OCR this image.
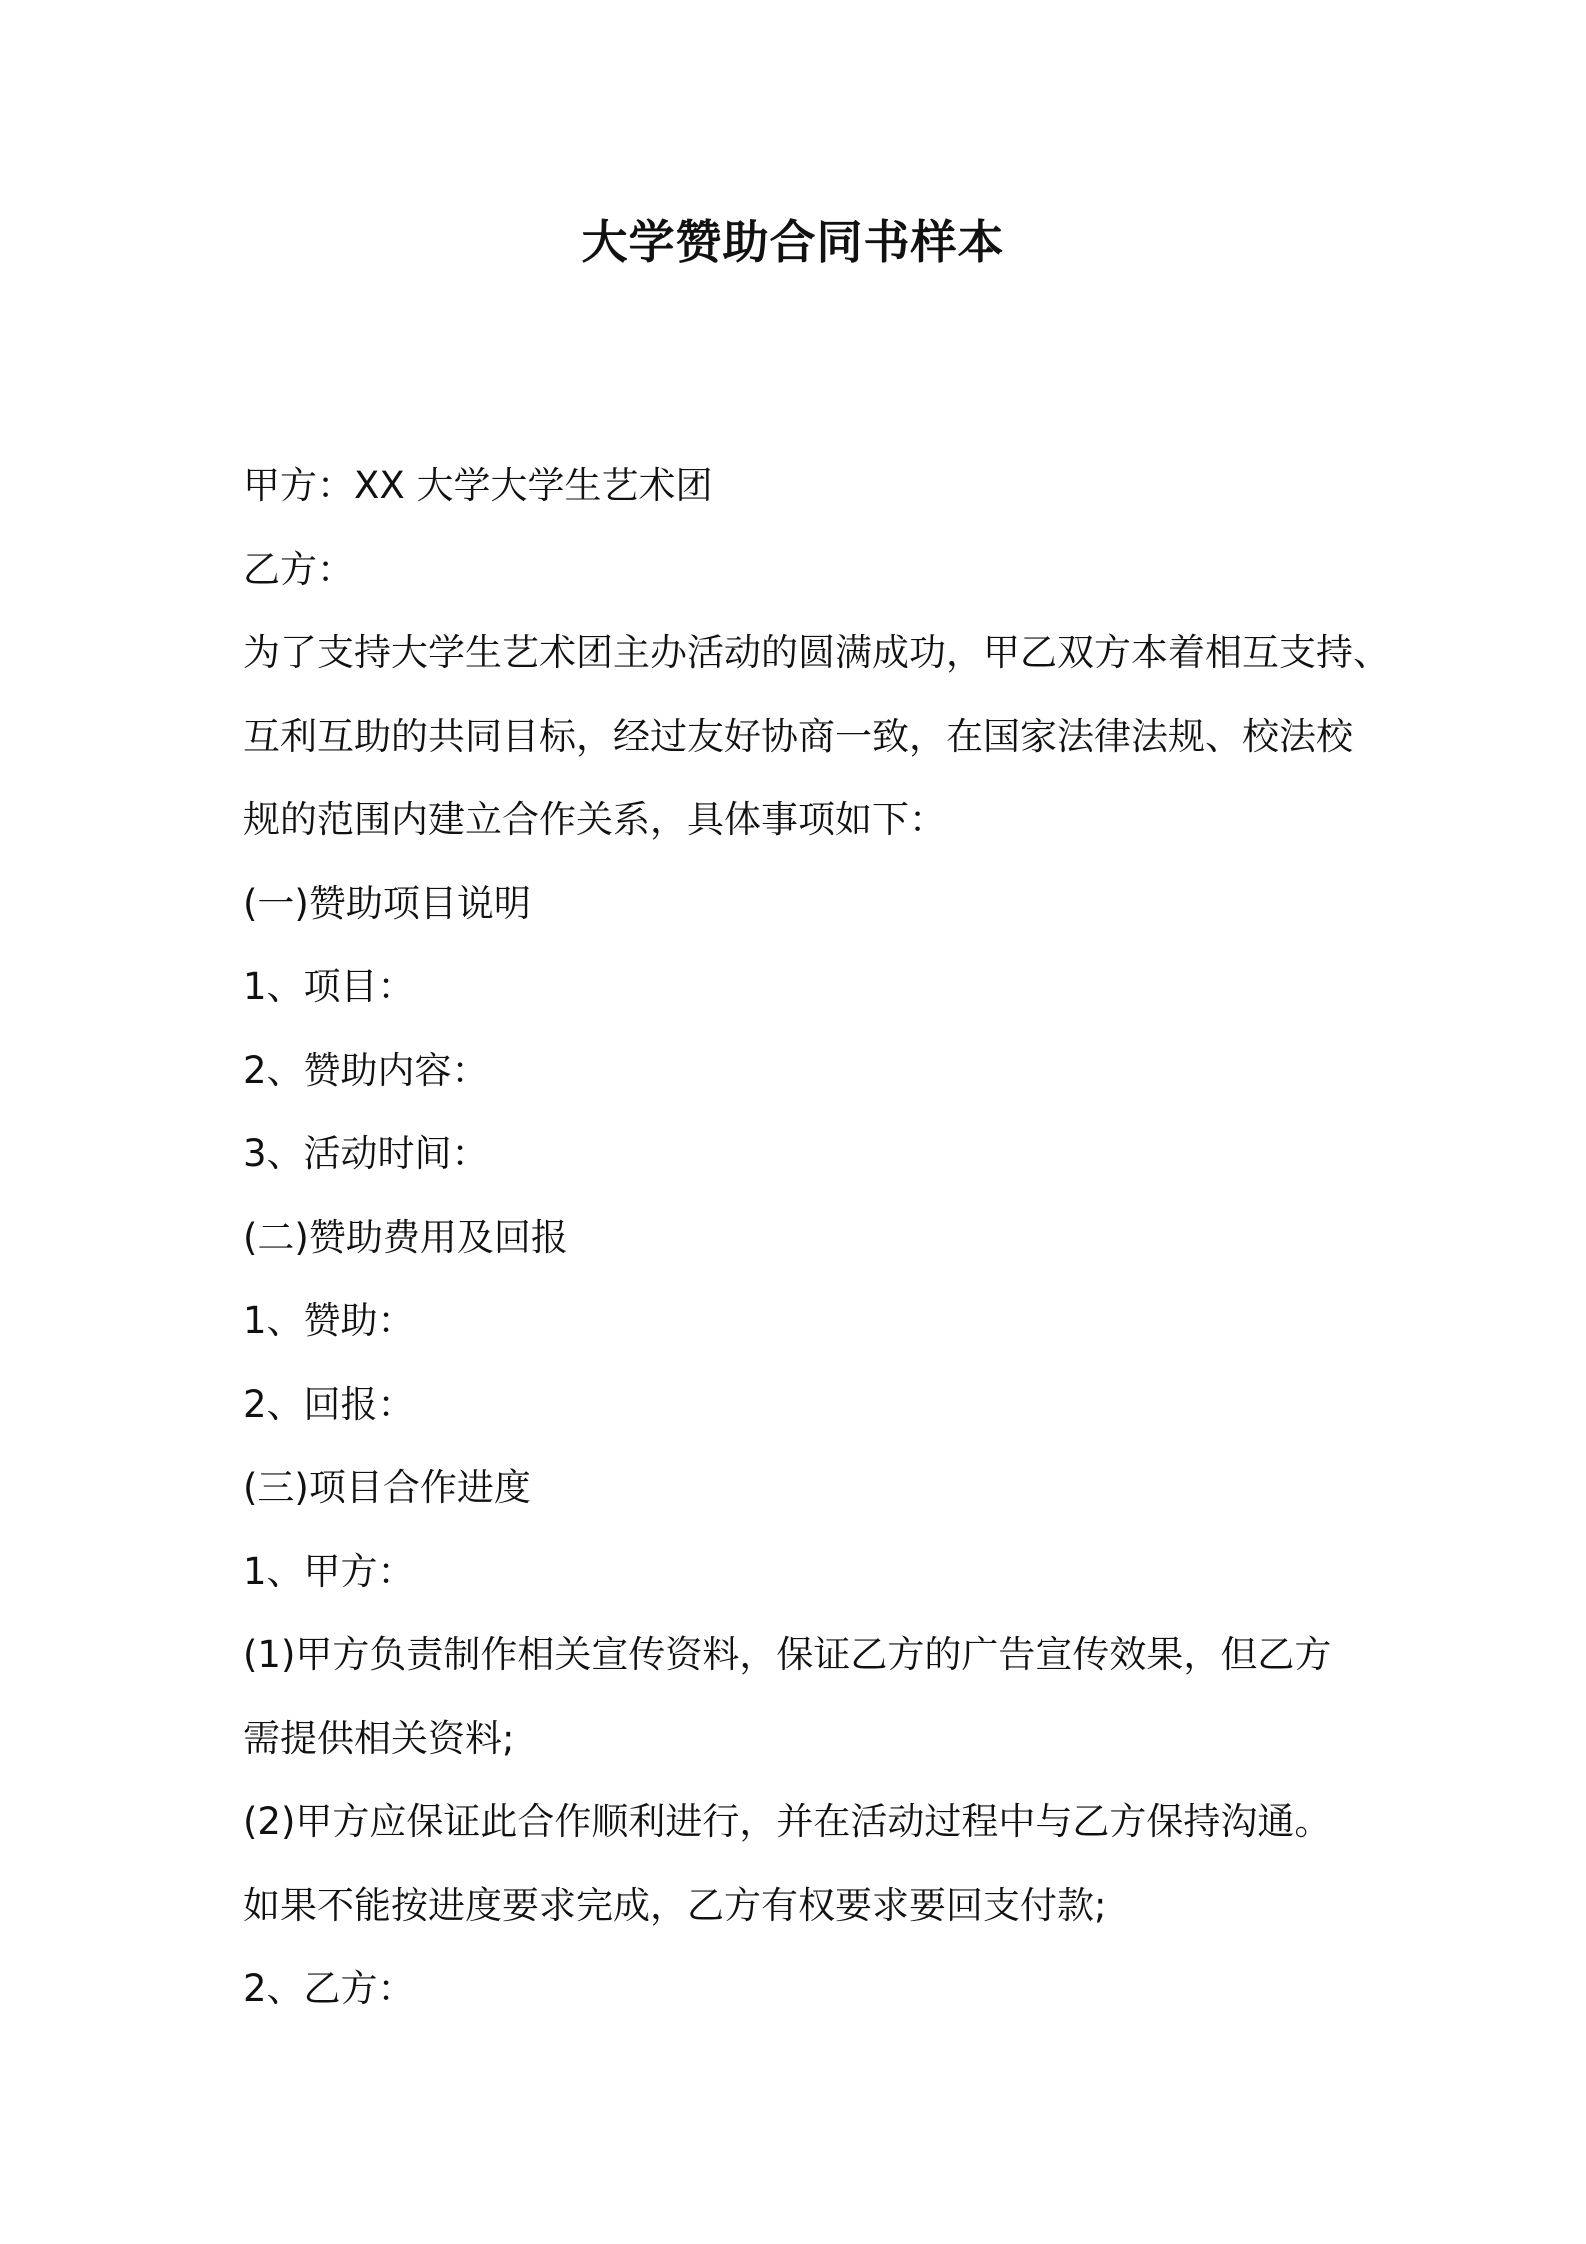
大学赞助合同书样本
甲方：XX 大学大学生艺术团
乙方：
为了支持大学生艺术团主办活动的圆满成功，甲乙双方本着相互支持、
互利互助的共同目标，经过友好协商一致，在国家法律法规、校法校
规的范围内建立合作关系，具体事项如下：
(一)赞助项目说明
1、项目：
2、赞助内容：
3、活动时间：
(二)赞助费用及回报
1、赞助：
2、回报：
(三)项目合作进度
1、甲方：
(1)甲方负责制作相关宣传资料，保证乙方的广告宣传效果，但乙方
需提供相关资料;
(2)甲方应保证此合作顺利进行，并在活动过程中与乙方保持沟通。
如果不能按进度要求完成，乙方有权要求要回支付款;
2、乙方：
